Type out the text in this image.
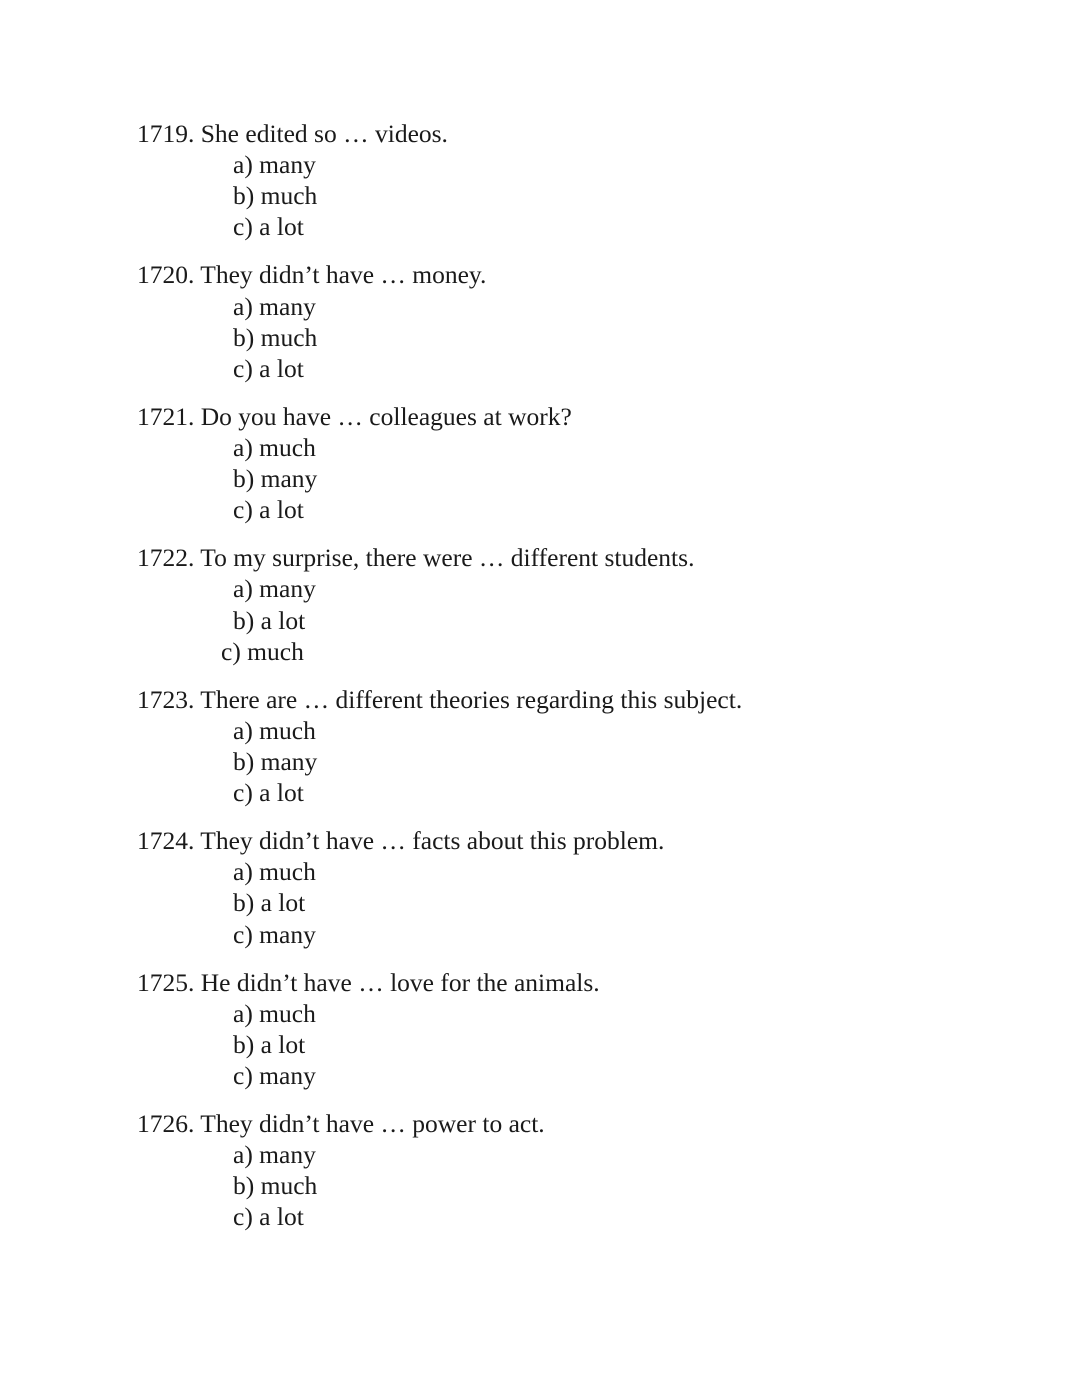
1719. She edited so … videos.
a) many
b) much
c) a lot
1720. They didn’t have … money.
a) many
b) much
c) a lot
1721. Do you have … colleagues at work?
a) much
b) many
c) a lot
1722. To my surprise, there were … different students.
a) many
b) a lot
c) much
1723. There are … different theories regarding this subject.
a) much
b) many
c) a lot
1724. They didn’t have … facts about this problem.
a) much
b) a lot
c) many
1725. He didn’t have … love for the animals.
a) much
b) a lot
c) many
1726. They didn’t have … power to act.
a) many
b) much
c) a lot
